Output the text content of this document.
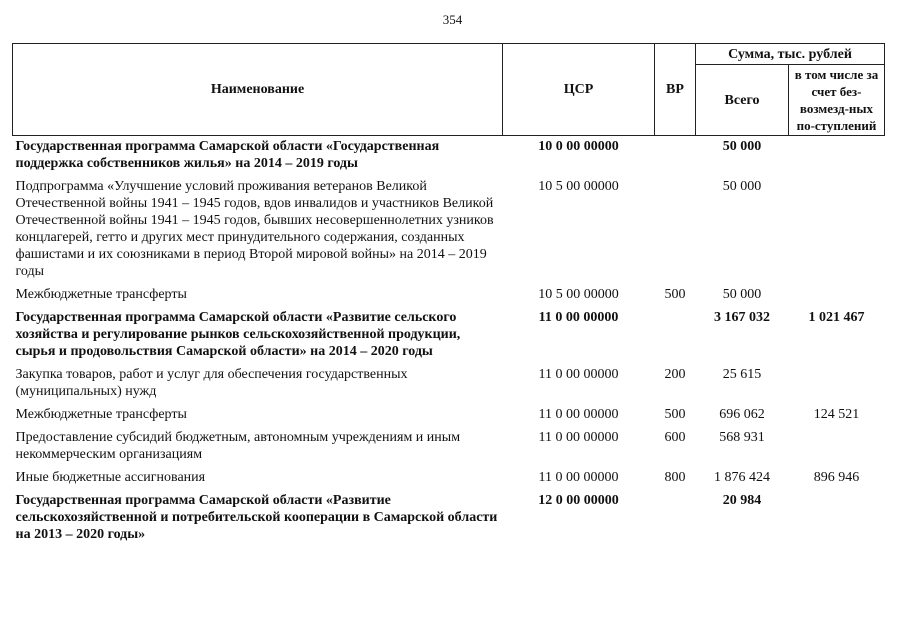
354
Наименование	ЦСР	ВР	Сумма, тыс. рублей	
			Всего	в том числе за счет без-возмезд-ных по-ступлений
Государственная программа Самарской области «Государственная поддержка собственников жилья» на 2014 – 2019 годы	10 0 00 00000		50 000	
Подпрограмма «Улучшение условий проживания ветеранов Великой Отечественной войны 1941 – 1945 годов, вдов инвалидов и участников Великой Отечественной войны 1941 – 1945 годов, бывших несовершеннолетних узников концлагерей, гетто и других мест принудительного содержания, созданных фашистами и их союзниками в период Второй мировой войны» на 2014 – 2019 годы	10 5 00 00000		50 000	
Межбюджетные трансферты	10 5 00 00000	500	50 000	
Государственная программа Самарской области «Развитие сельского хозяйства и регулирование рынков сельскохозяйственной продукции, сырья и продовольствия Самарской области» на 2014 – 2020 годы	11 0 00 00000		3 167 032	1 021 467
Закупка товаров, работ и услуг для обеспечения государственных (муниципальных) нужд	11 0 00 00000	200	25 615	
Межбюджетные трансферты	11 0 00 00000	500	696 062	124 521
Предоставление субсидий бюджетным, автономным учреждениям и иным некоммерческим организациям	11 0 00 00000	600	568 931	
Иные бюджетные ассигнования	11 0 00 00000	800	1 876 424	896 946
Государственная программа Самарской области «Развитие сельскохозяйственной и потребительской кооперации в Самарской области на 2013 – 2020 годы»	12 0 00 00000		20 984	
